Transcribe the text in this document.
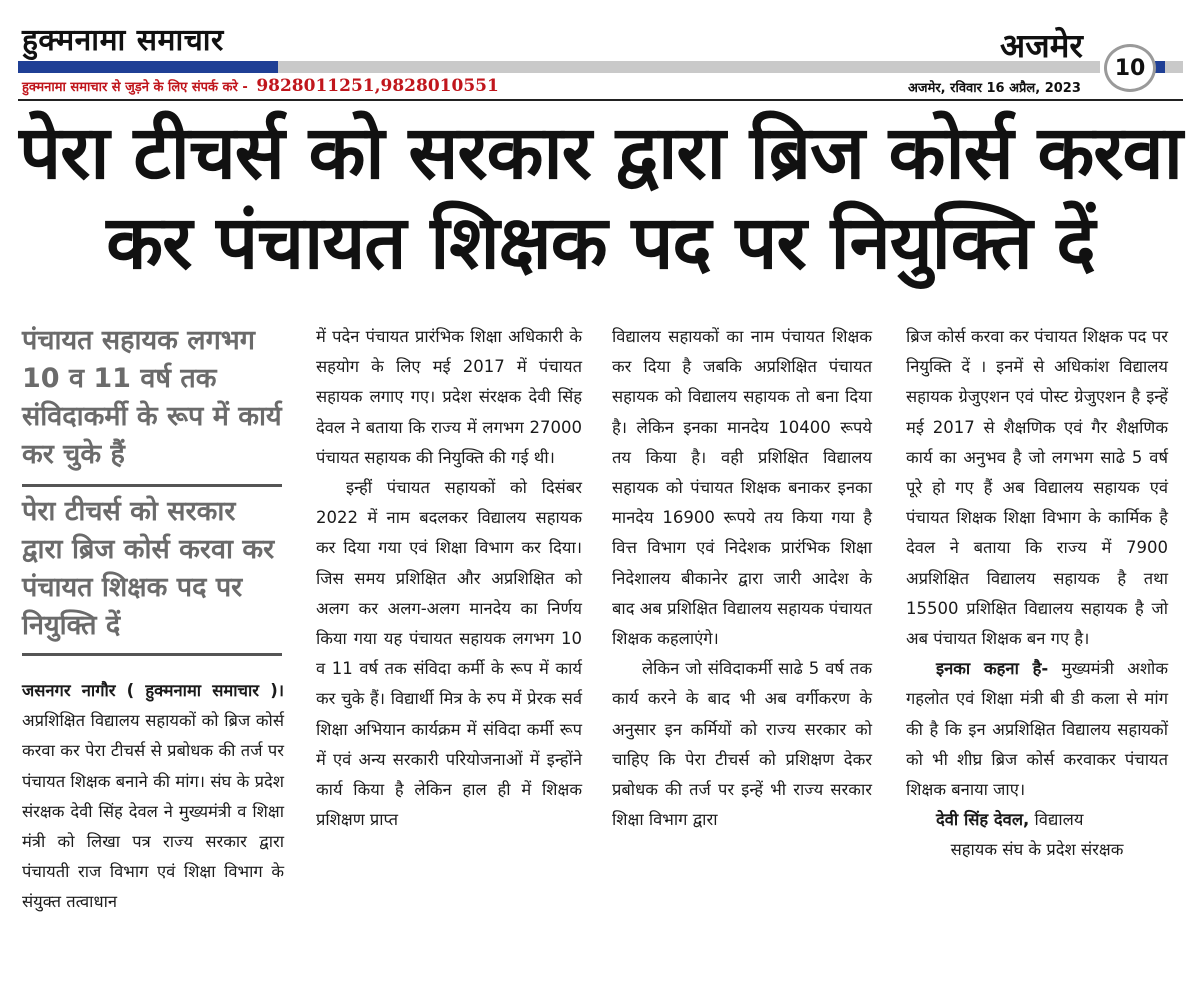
हुक्मनामा समाचार	अजमेर
10
हुक्मनामा समाचार से जुड़ने के लिए संपर्क करे - 9828011251,9828010551	अजमेर, रविवार 16 अप्रैल, 2023
पेरा टीचर्स को सरकार द्वारा ब्रिज कोर्स करवा कर पंचायत शिक्षक पद पर नियुक्ति दें
पंचायत सहायक लगभग 10 व 11 वर्ष तक संविदाकर्मी के रूप में कार्य कर चुके हैं
पेरा टीचर्स को सरकार द्वारा ब्रिज कोर्स करवा कर पंचायत शिक्षक पद पर नियुक्ति दें

जसनगर नागौर ( हुक्मनामा समाचार )।अप्रशिक्षित विद्यालय सहायकों को ब्रिज कोर्स करवा कर पेरा टीचर्स से प्रबोधक की तर्ज पर पंचायत शिक्षक बनाने की मांग। संघ के प्रदेश संरक्षक देवी सिंह देवल ने मुख्यमंत्री व शिक्षा मंत्री को लिखा पत्र राज्य सरकार द्वारा पंचायती राज विभाग एवं शिक्षा विभाग के संयुक्त तत्वाधान

में पदेन पंचायत प्रारंभिक शिक्षा अधिकारी के सहयोग के लिए मई 2017 में पंचायत सहायक लगाए गए। प्रदेश संरक्षक देवी सिंह देवल ने बताया कि राज्य में लगभग 27000 पंचायत सहायक की नियुक्ति की गई थी।

इन्हीं पंचायत सहायकों को दिसंबर 2022 में नाम बदलकर विद्यालय सहायक कर दिया गया एवं शिक्षा विभाग कर दिया। जिस समय प्रशिक्षित और अप्रशिक्षित को अलग कर अलग-अलग मानदेय का निर्णय किया गया यह पंचायत सहायक लगभग 10 व 11 वर्ष तक संविदा कर्मी के रूप में कार्य कर चुके हैं। विद्यार्थी मित्र के रुप में प्रेरक सर्व शिक्षा अभियान कार्यक्रम में संविदा कर्मी रूप में एवं अन्य सरकारी परियोजनाओं में इन्होंने कार्य किया है लेकिन हाल ही में शिक्षक प्रशिक्षण प्राप्त

विद्यालय सहायकों का नाम पंचायत शिक्षक कर दिया है जबकि अप्रशिक्षित पंचायत सहायक को विद्यालय सहायक तो बना दिया है। लेकिन इनका मानदेय 10400 रूपये तय किया है। वही प्रशिक्षित विद्यालय सहायक को पंचायत शिक्षक बनाकर इनका मानदेय 16900 रूपये तय किया गया है वित्त विभाग एवं निदेशक प्रारंभिक शिक्षा निदेशालय बीकानेर द्वारा जारी आदेश के बाद अब प्रशिक्षित विद्यालय सहायक पंचायत शिक्षक कहलाएंगे।

लेकिन जो संविदाकर्मी साढे 5 वर्ष तक कार्य करने के बाद भी अब वर्गीकरण के अनुसार इन कर्मियों को राज्य सरकार को चाहिए कि पेरा टीचर्स को प्रशिक्षण देकर प्रबोधक की तर्ज पर इन्हें भी राज्य सरकार शिक्षा विभाग द्वारा

ब्रिज कोर्स करवा कर पंचायत शिक्षक पद पर नियुक्ति दें । इनमें से अधिकांश विद्यालय सहायक ग्रेजुएशन एवं पोस्ट ग्रेजुएशन है इन्हें मई 2017 से शैक्षणिक एवं गैर शैक्षणिक कार्य का अनुभव है जो लगभग साढे 5 वर्ष पूरे हो गए हैं अब विद्यालय सहायक एवं पंचायत शिक्षक शिक्षा विभाग के कार्मिक है देवल ने बताया कि राज्य में 7900 अप्रशिक्षित विद्यालय सहायक है तथा 15500 प्रशिक्षित विद्यालय सहायक है जो अब पंचायत शिक्षक बन गए है।

इनका कहना है- मुख्यमंत्री अशोक गहलोत एवं शिक्षा मंत्री बी डी कला से मांग की है कि इन अप्रशिक्षित विद्यालय सहायकों को भी शीघ्र ब्रिज कोर्स करवाकर पंचायत शिक्षक बनाया जाए।

देवी सिंह देवल, विद्यालय

सहायक संघ के प्रदेश संरक्षक
